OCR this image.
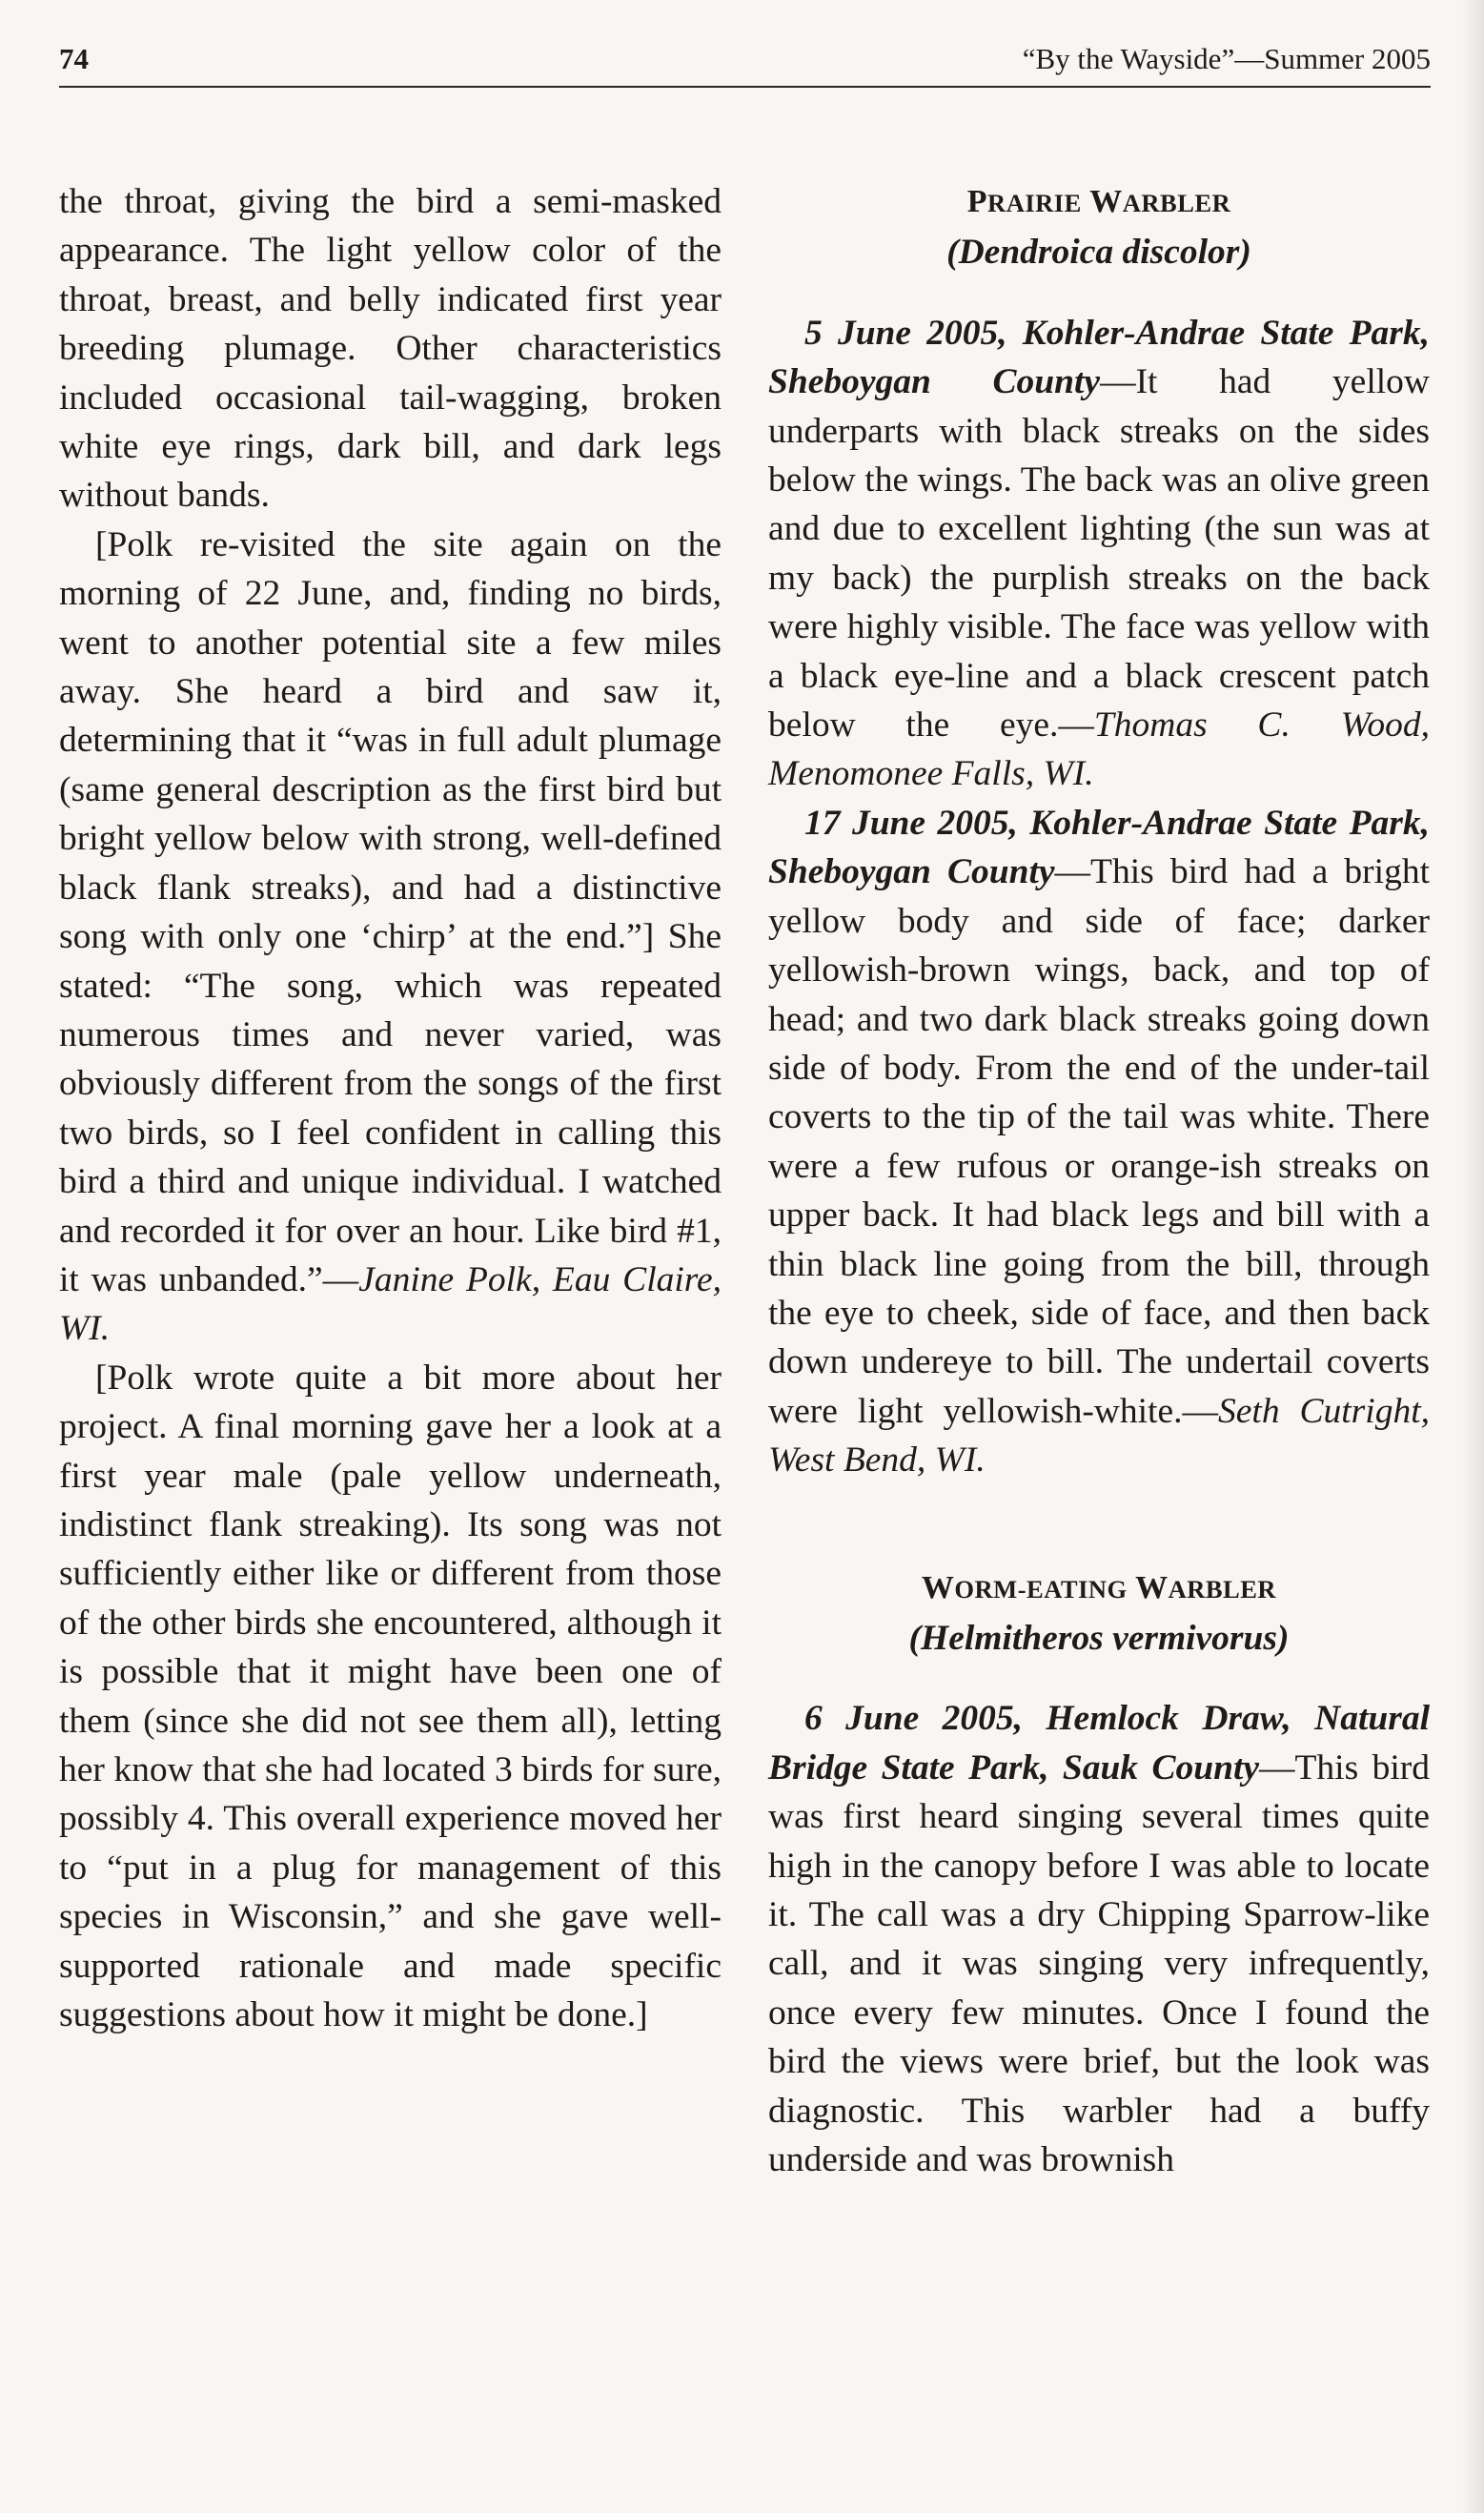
74	“By the Wayside”—Summer 2005

the throat, giving the bird a semi-masked appearance. The light yellow color of the throat, breast, and belly indicated first year breeding plumage. Other characteristics included occasional tail-wagging, broken white eye rings, dark bill, and dark legs without bands.

[Polk re-visited the site again on the morning of 22 June, and, finding no birds, went to another potential site a few miles away. She heard a bird and saw it, determining that it “was in full adult plumage (same general description as the first bird but bright yellow below with strong, well-defined black flank streaks), and had a distinctive song with only one ‘chirp’ at the end.”] She stated: “The song, which was repeated numerous times and never varied, was obviously different from the songs of the first two birds, so I feel confident in calling this bird a third and unique individual. I watched and recorded it for over an hour. Like bird #1, it was unbanded.”—Janine Polk, Eau Claire, WI.

[Polk wrote quite a bit more about her project. A final morning gave her a look at a first year male (pale yellow underneath, indistinct flank streaking). Its song was not sufficiently either like or different from those of the other birds she encountered, although it is possible that it might have been one of them (since she did not see them all), letting her know that she had located 3 birds for sure, possibly 4. This overall experience moved her to “put in a plug for management of this species in Wisconsin,” and she gave well-supported rationale and made specific suggestions about how it might be done.]

PRAIRIE WARBLER

(Dendroica discolor)

5 June 2005, Kohler-Andrae State Park, Sheboygan County—It had yellow underparts with black streaks on the sides below the wings. The back was an olive green and due to excellent lighting (the sun was at my back) the purplish streaks on the back were highly visible. The face was yellow with a black eye-line and a black crescent patch below the eye.—Thomas C. Wood, Menomonee Falls, WI.

17 June 2005, Kohler-Andrae State Park, Sheboygan County—This bird had a bright yellow body and side of face; darker yellowish-brown wings, back, and top of head; and two dark black streaks going down side of body. From the end of the under-tail coverts to the tip of the tail was white. There were a few rufous or orange-ish streaks on upper back. It had black legs and bill with a thin black line going from the bill, through the eye to cheek, side of face, and then back down undereye to bill. The undertail coverts were light yellowish-white.—Seth Cutright, West Bend, WI.

WORM-EATING WARBLER

(Helmitheros vermivorus)

6 June 2005, Hemlock Draw, Natural Bridge State Park, Sauk County—This bird was first heard singing several times quite high in the canopy before I was able to locate it. The call was a dry Chipping Sparrow-like call, and it was singing very infrequently, once every few minutes. Once I found the bird the views were brief, but the look was diagnostic. This warbler had a buffy underside and was brownish
